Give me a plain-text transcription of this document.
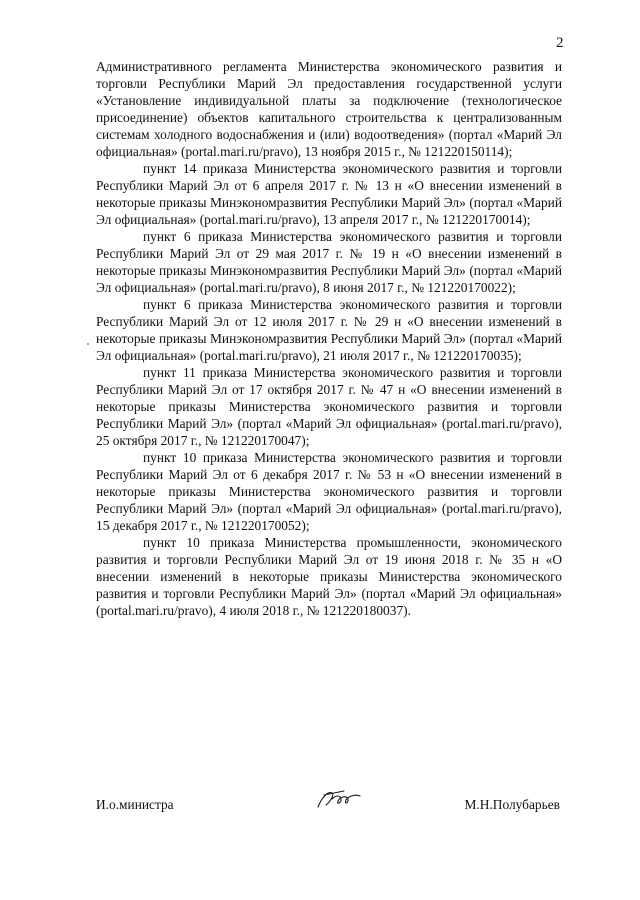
2

Административного регламента Министерства экономического развития и торговли Республики Марий Эл предоставления государственной услуги «Установление индивидуальной платы за подключение (технологическое присоединение) объектов капитального строительства к централизованным системам холодного водоснабжения и (или) водоотведения» (портал «Марий Эл официальная» (portal.mari.ru/pravo), 13 ноября 2015 г., № 121220150114);

пункт 14 приказа Министерства экономического развития и торговли Республики Марий Эл от 6 апреля 2017 г. № 13 н «О внесении изменений в некоторые приказы Минэкономразвития Республики Марий Эл» (портал «Марий Эл официальная» (portal.mari.ru/pravo), 13 апреля 2017 г., № 121220170014);

пункт 6 приказа Министерства экономического развития и торговли Республики Марий Эл от 29 мая 2017 г. № 19 н «О внесении изменений в некоторые приказы Минэкономразвития Республики Марий Эл» (портал «Марий Эл официальная» (portal.mari.ru/pravo), 8 июня 2017 г., № 121220170022);

пункт 6 приказа Министерства экономического развития и торговли Республики Марий Эл от 12 июля 2017 г. № 29 н «О внесении изменений в некоторые приказы Минэкономразвития Республики Марий Эл» (портал «Марий Эл официальная» (portal.mari.ru/pravo), 21 июля 2017 г., № 121220170035);

пункт 11 приказа Министерства экономического развития и торговли Республики Марий Эл от 17 октября 2017 г. № 47 н «О внесении изменений в некоторые приказы Министерства экономического развития и торговли Республики Марий Эл» (портал «Марий Эл официальная» (portal.mari.ru/pravo), 25 октября 2017 г., № 121220170047);

пункт 10 приказа Министерства экономического развития и торговли Республики Марий Эл от 6 декабря 2017 г. № 53 н «О внесении изменений в некоторые приказы Министерства экономического развития и торговли Республики Марий Эл» (портал «Марий Эл официальная» (portal.mari.ru/pravo), 15 декабря 2017 г., № 121220170052);

пункт 10 приказа Министерства промышленности, экономического развития и торговли Республики Марий Эл от 19 июня 2018 г. № 35 н «О внесении изменений в некоторые приказы Министерства экономического развития и торговли Республики Марий Эл» (портал «Марий Эл официальная» (portal.mari.ru/pravo), 4 июля 2018 г., № 121220180037).

И.о.министра	М.Н.Полубарьев
